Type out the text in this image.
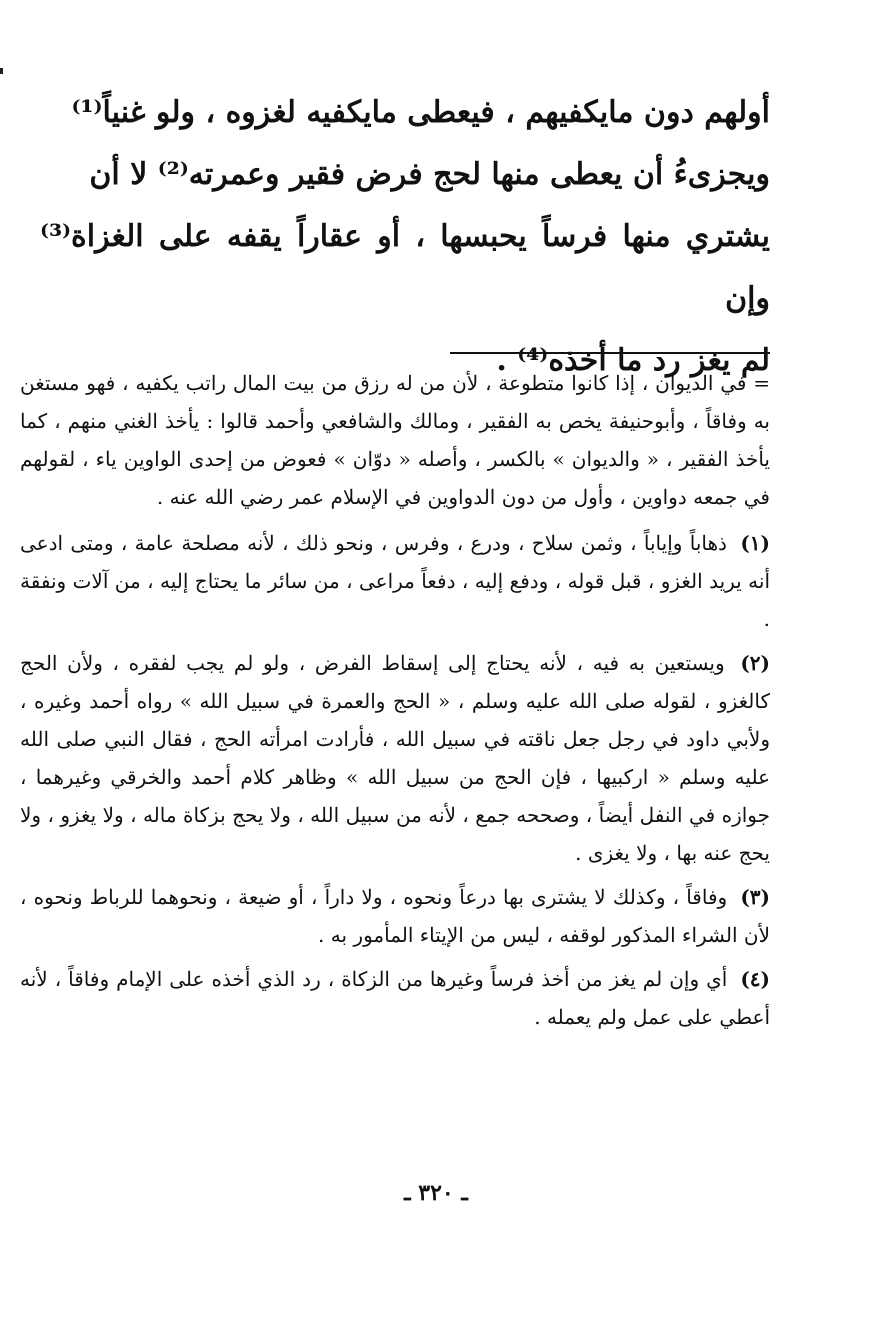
أولهم دون مايكفيهم ، فيعطى مايكفيه لغزوه ، ولو غنياً⁽¹⁾

ويجزىءُ أن يعطى منها لحج فرض فقير وعمرته⁽²⁾ لا أن

يشتري منها فرساً يحبسها ، أو عقاراً يقفه على الغزاة⁽³⁾ وإن

لم يغز رد ما أخذه⁽⁴⁾ .

= في الديوان ، إذا كانوا متطوعة ، لأن من له رزق من بيت المال راتب يكفيه ، فهو مستغن به وفاقاً ، وأبوحنيفة يخص به الفقير ، ومالك والشافعي وأحمد قالوا : يأخذ الغني منهم ، كما يأخذ الفقير ، « والديوان » بالكسر ، وأصله « دوّان » فعوض من إحدى الواوين ياء ، لقولهم في جمعه دواوين ، وأول من دون الدواوين في الإسلام عمر رضي الله عنه .

(١) ذهاباً وإياباً ، وثمن سلاح ، ودرع ، وفرس ، ونحو ذلك ، لأنه مصلحة عامة ، ومتى ادعى أنه يريد الغزو ، قبل قوله ، ودفع إليه ، دفعاً مراعى ، من سائر ما يحتاج إليه ، من آلات ونفقة .

(٢) ويستعين به فيه ، لأنه يحتاج إلى إسقاط الفرض ، ولو لم يجب لفقره ، ولأن الحج كالغزو ، لقوله صلى الله عليه وسلم ، « الحج والعمرة في سبيل الله » رواه أحمد وغيره ، ولأبي داود في رجل جعل ناقته في سبيل الله ، فأرادت امرأته الحج ، فقال النبي صلى الله عليه وسلم « اركبيها ، فإن الحج من سبيل الله » وظاهر كلام أحمد والخرقي وغيرهما ، جوازه في النفل أيضاً ، وصححه جمع ، لأنه من سبيل الله ، ولا يحج بزكاة ماله ، ولا يغزو ، ولا يحج عنه بها ، ولا يغزى .

(٣) وفاقاً ، وكذلك لا يشترى بها درعاً ونحوه ، ولا داراً ، أو ضيعة ، ونحوهما للرباط ونحوه ، لأن الشراء المذكور لوقفه ، ليس من الإيتاء المأمور به .

(٤) أي وإن لم يغز من أخذ فرساً وغيرها من الزكاة ، رد الذي أخذه على الإمام وفاقاً ، لأنه أعطي على عمل ولم يعمله .

ـ ٣٢٠ ـ
